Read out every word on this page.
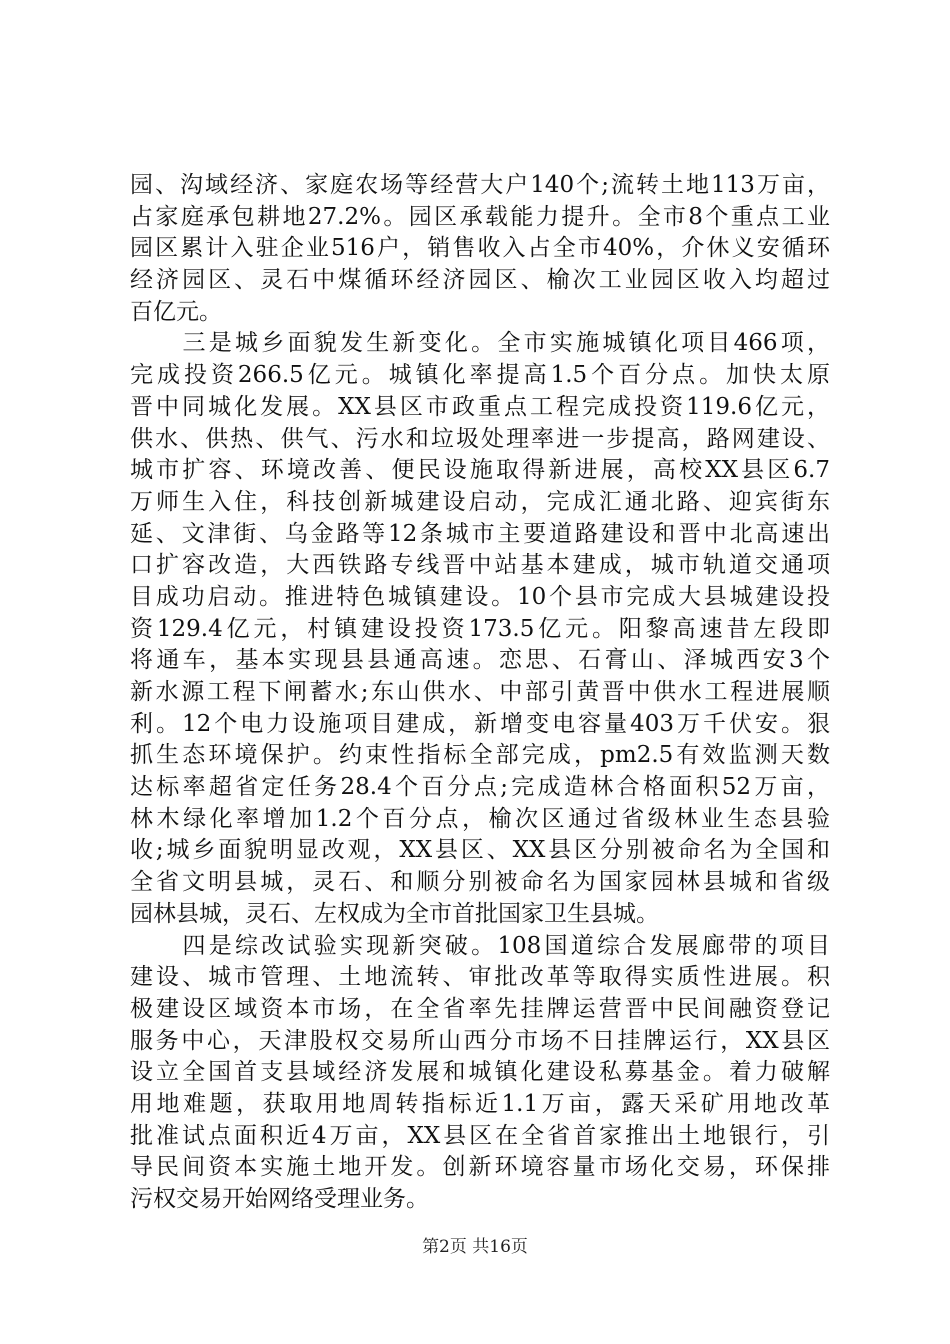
园、沟域经济、家庭农场等经营大户140个;流转土地113万亩，
占家庭承包耕地27.2%。园区承载能力提升。全市8个重点工业
园区累计入驻企业516户，销售收入占全市40%，介休义安循环
经济园区、灵石中煤循环经济园区、榆次工业园区收入均超过
百亿元。
　　三是城乡面貌发生新变化。全市实施城镇化项目466项，
完成投资266.5亿元。城镇化率提高1.5个百分点。加快太原
晋中同城化发展。XX县区市政重点工程完成投资119.6亿元，
供水、供热、供气、污水和垃圾处理率进一步提高，路网建设、
城市扩容、环境改善、便民设施取得新进展，高校XX县区6.7
万师生入住，科技创新城建设启动，完成汇通北路、迎宾街东
延、文津街、乌金路等12条城市主要道路建设和晋中北高速出
口扩容改造，大西铁路专线晋中站基本建成，城市轨道交通项
目成功启动。推进特色城镇建设。10个县市完成大县城建设投
资129.4亿元，村镇建设投资173.5亿元。阳黎高速昔左段即
将通车，基本实现县县通高速。恋思、石膏山、泽城西安3个
新水源工程下闸蓄水;东山供水、中部引黄晋中供水工程进展顺
利。12个电力设施项目建成，新增变电容量403万千伏安。狠
抓生态环境保护。约束性指标全部完成，pm2.5有效监测天数
达标率超省定任务28.4个百分点;完成造林合格面积52万亩，
林木绿化率增加1.2个百分点，榆次区通过省级林业生态县验
收;城乡面貌明显改观，XX县区、XX县区分别被命名为全国和
全省文明县城，灵石、和顺分别被命名为国家园林县城和省级
园林县城，灵石、左权成为全市首批国家卫生县城。
　　四是综改试验实现新突破。108国道综合发展廊带的项目
建设、城市管理、土地流转、审批改革等取得实质性进展。积
极建设区域资本市场，在全省率先挂牌运营晋中民间融资登记
服务中心，天津股权交易所山西分市场不日挂牌运行，XX县区
设立全国首支县域经济发展和城镇化建设私募基金。着力破解
用地难题，获取用地周转指标近1.1万亩，露天采矿用地改革
批准试点面积近4万亩，XX县区在全省首家推出土地银行，引
导民间资本实施土地开发。创新环境容量市场化交易，环保排
污权交易开始网络受理业务。
第2页 共16页
